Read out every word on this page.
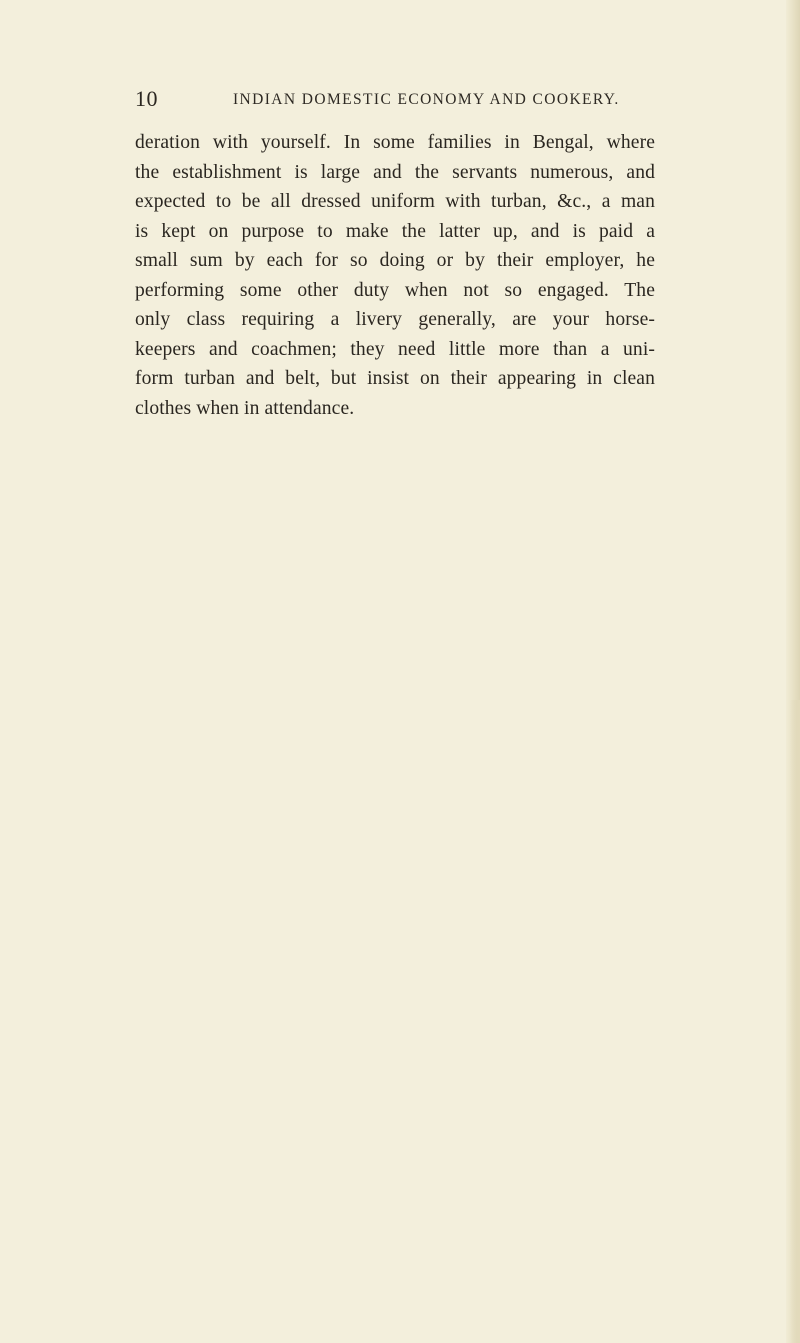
10	INDIAN DOMESTIC ECONOMY AND COOKERY.
deration with yourself. In some families in Bengal, where
the establishment is large and the servants numerous, and
expected to be all dressed uniform with turban, &c., a man
is kept on purpose to make the latter up, and is paid a
small sum by each for so doing or by their employer, he
performing some other duty when not so engaged. The
only class requiring a livery generally, are your horse-
keepers and coachmen; they need little more than a uni-
form turban and belt, but insist on their appearing in clean
clothes when in attendance.
